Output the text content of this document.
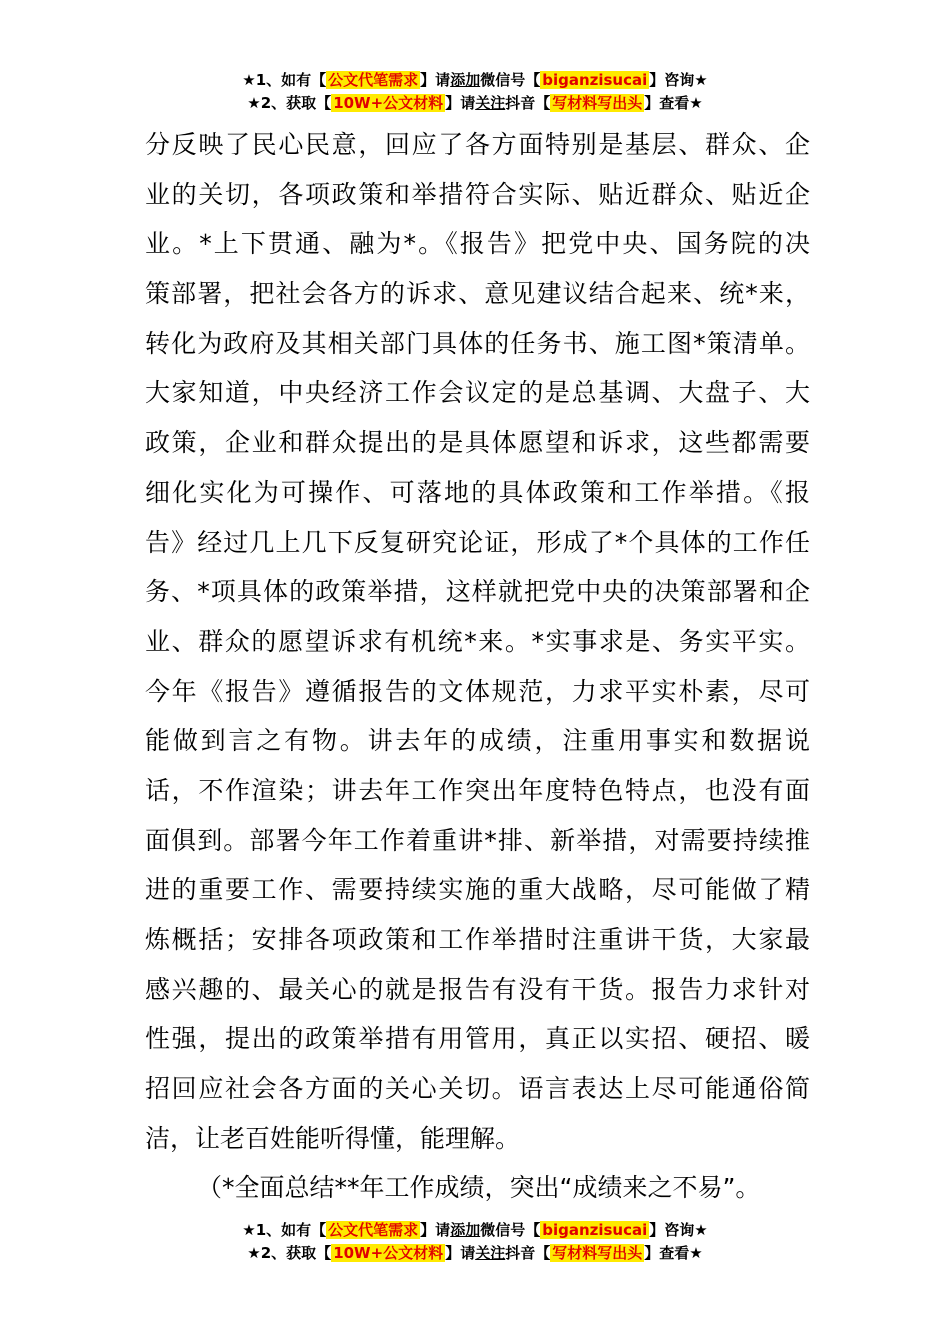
★1、如有【 公文代笔需求 】请添加微信号【 biganzisucai 】咨询★
★2、获取【 10W+公文材料 】请关注抖音【 写材料写出头 】查看★
分反映了民心民意，回应了各方面特别是基层、群众、企
业的关切，各项政策和举措符合实际、贴近群众、贴近企
业。*上下贯通、融为*。《报告》把党中央、国务院的决
策部署，把社会各方的诉求、意见建议结合起来、统*来，
转化为政府及其相关部门具体的任务书、施工图*策清单。
大家知道，中央经济工作会议定的是总基调、大盘子、大
政策，企业和群众提出的是具体愿望和诉求，这些都需要
细化实化为可操作、可落地的具体政策和工作举措。《报
告》经过几上几下反复研究论证，形成了*个具体的工作任
务、*项具体的政策举措，这样就把党中央的决策部署和企
业、群众的愿望诉求有机统*来。*实事求是、务实平实。
今年《报告》遵循报告的文体规范，力求平实朴素，尽可
能做到言之有物。讲去年的成绩，注重用事实和数据说
话，不作渲染；讲去年工作突出年度特色特点，也没有面
面俱到。部署今年工作着重讲*排、新举措，对需要持续推
进的重要工作、需要持续实施的重大战略，尽可能做了精
炼概括；安排各项政策和工作举措时注重讲干货，大家最
感兴趣的、最关心的就是报告有没有干货。报告力求针对
性强，提出的政策举措有用管用，真正以实招、硬招、暖
招回应社会各方面的关心关切。语言表达上尽可能通俗简
洁，让老百姓能听得懂，能理解。
（*全面总结**年工作成绩，突出“成绩来之不易”。
★1、如有【 公文代笔需求 】请添加微信号【 biganzisucai 】咨询★
★2、获取【 10W+公文材料 】请关注抖音【 写材料写出头 】查看★
